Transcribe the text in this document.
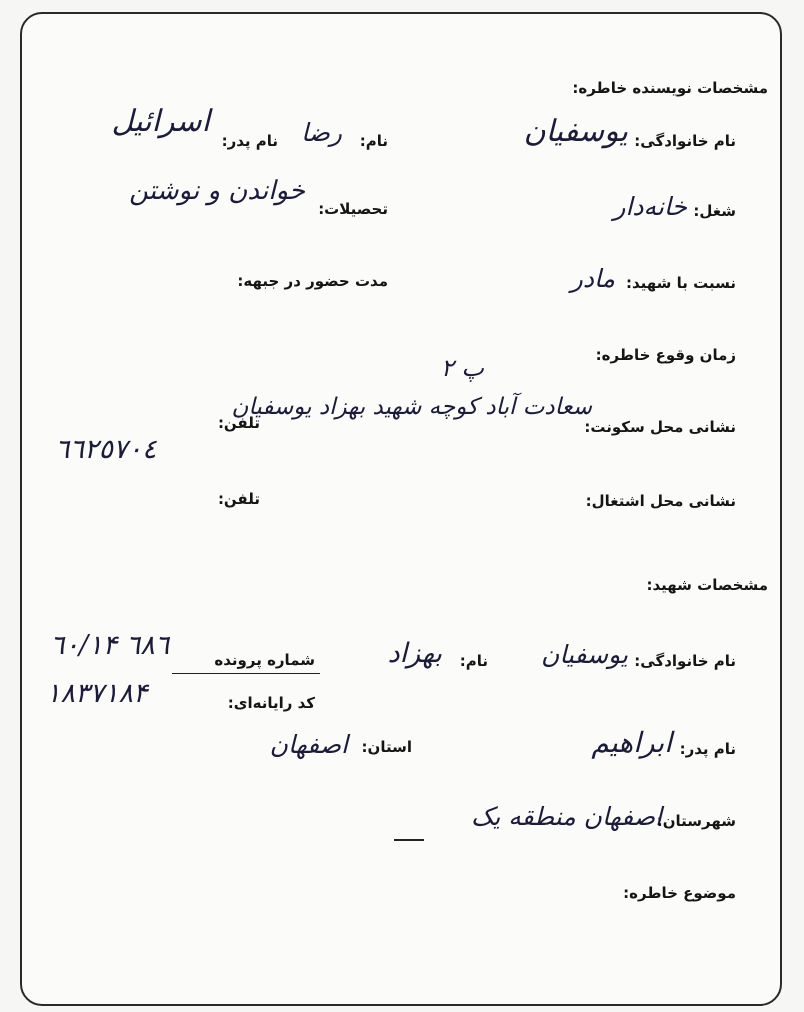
مشخصات نویسنده خاطره:
نام خانوادگی:
یوسفیان
نام:
رضا
نام پدر:
اسرائیل
شغل:
خانه‌دار
تحصیلات:
خواندن و نوشتن
نسبت با شهید:
مادر
مدت حضور در جبهه:
زمان وقوع خاطره:
پ ۲
نشانی محل سکونت:
سعادت آباد کوچه شهید بهزاد یوسفیان
تلفن:
٦٦٢٥٧٠٤
نشانی محل اشتغال:
تلفن:
مشخصات شهید:
نام خانوادگی:
یوسفیان
نام:
بهزاد
شماره پرونده
٦٠/۱۴ ٦٨٦
کد رایانه‌ای:
۱۸۳۷۱۸۴
نام پدر:
ابراهیم
استان:
اصفهان
شهرستان:
اصفهان منطقه یک
موضوع خاطره:
